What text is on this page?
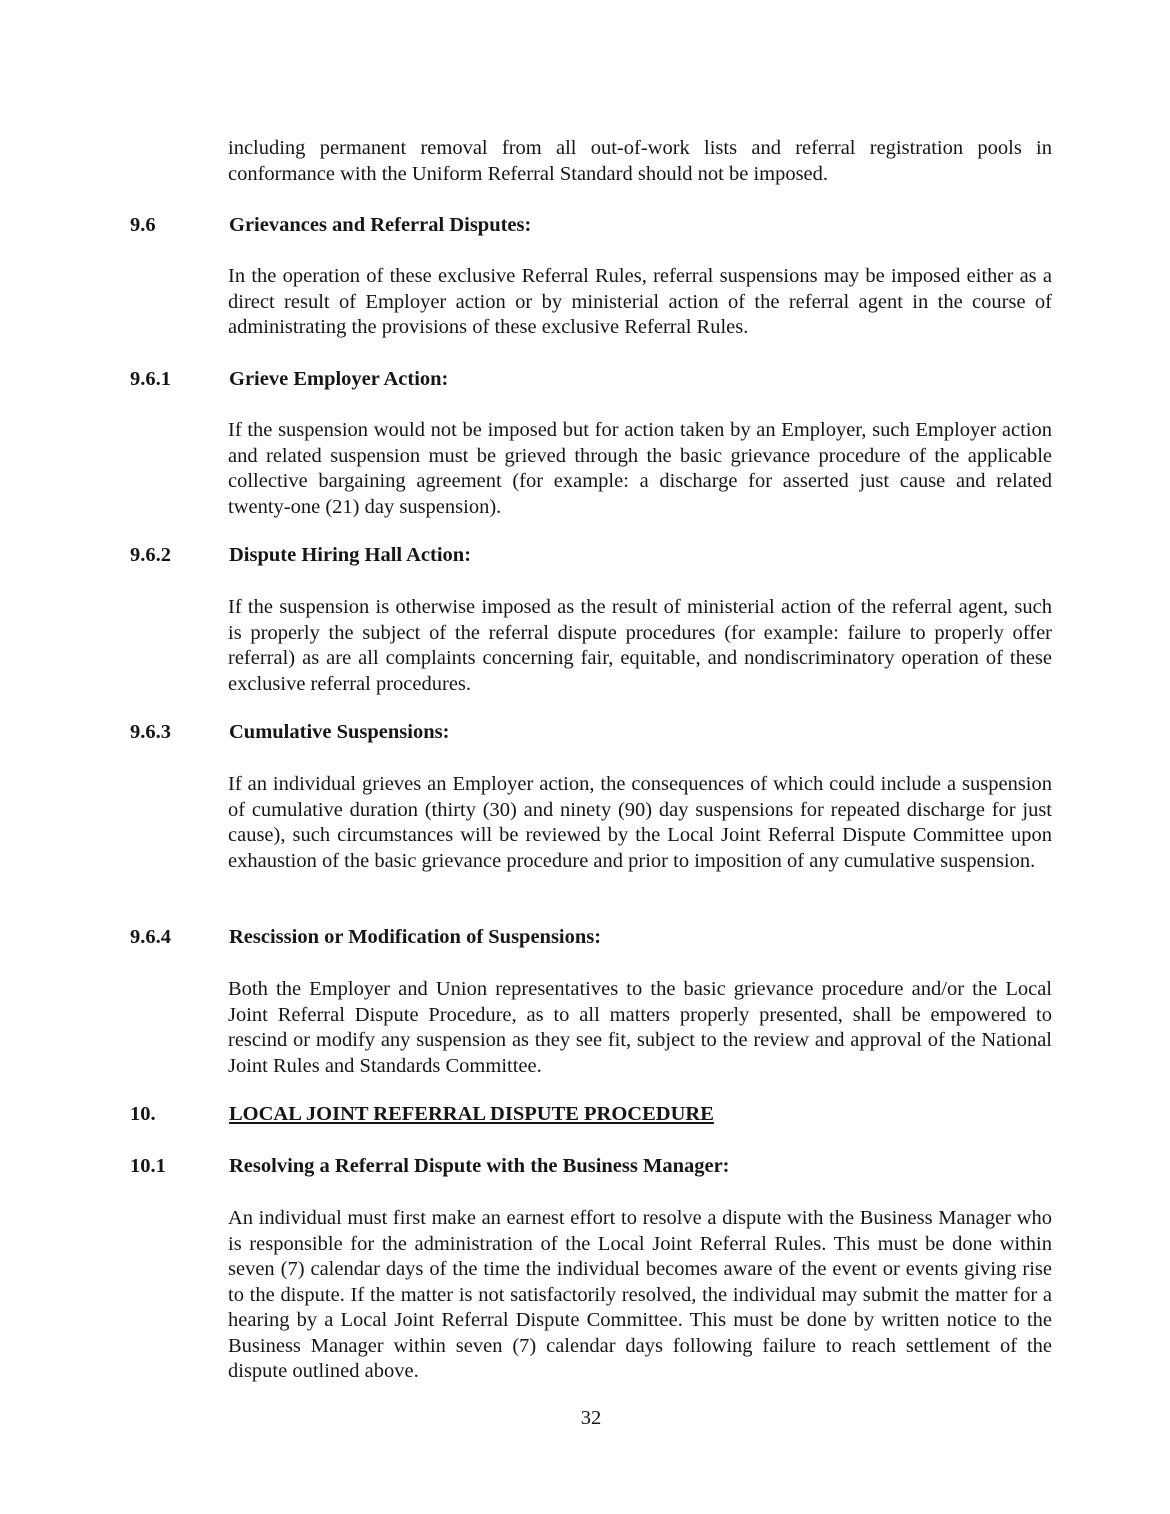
including permanent removal from all out-of-work lists and referral registration pools in conformance with the Uniform Referral Standard should not be imposed.
9.6	Grievances and Referral Disputes:
In the operation of these exclusive Referral Rules, referral suspensions may be imposed either as a direct result of Employer action or by ministerial action of the referral agent in the course of administrating the provisions of these exclusive Referral Rules.
9.6.1	Grieve Employer Action:
If the suspension would not be imposed but for action taken by an Employer, such Employer action and related suspension must be grieved through the basic grievance procedure of the applicable collective bargaining agreement (for example: a discharge for asserted just cause and related twenty-one (21) day suspension).
9.6.2	Dispute Hiring Hall Action:
If the suspension is otherwise imposed as the result of ministerial action of the referral agent, such is properly the subject of the referral dispute procedures (for example: failure to properly offer referral) as are all complaints concerning fair, equitable, and nondiscriminatory operation of these exclusive referral procedures.
9.6.3	Cumulative Suspensions:
If an individual grieves an Employer action, the consequences of which could include a suspension of cumulative duration (thirty (30) and ninety (90) day suspensions for repeated discharge for just cause), such circumstances will be reviewed by the Local Joint Referral Dispute Committee upon exhaustion of the basic grievance procedure and prior to imposition of any cumulative suspension.
9.6.4	Rescission or Modification of Suspensions:
Both the Employer and Union representatives to the basic grievance procedure and/or the Local Joint Referral Dispute Procedure, as to all matters properly presented, shall be empowered to rescind or modify any suspension as they see fit, subject to the review and approval of the National Joint Rules and Standards Committee.
10.	LOCAL JOINT REFERRAL DISPUTE PROCEDURE
10.1	Resolving a Referral Dispute with the Business Manager:
An individual must first make an earnest effort to resolve a dispute with the Business Manager who is responsible for the administration of the Local Joint Referral Rules. This must be done within seven (7) calendar days of the time the individual becomes aware of the event or events giving rise to the dispute. If the matter is not satisfactorily resolved, the individual may submit the matter for a hearing by a Local Joint Referral Dispute Committee. This must be done by written notice to the Business Manager within seven (7) calendar days following failure to reach settlement of the dispute outlined above.
32
